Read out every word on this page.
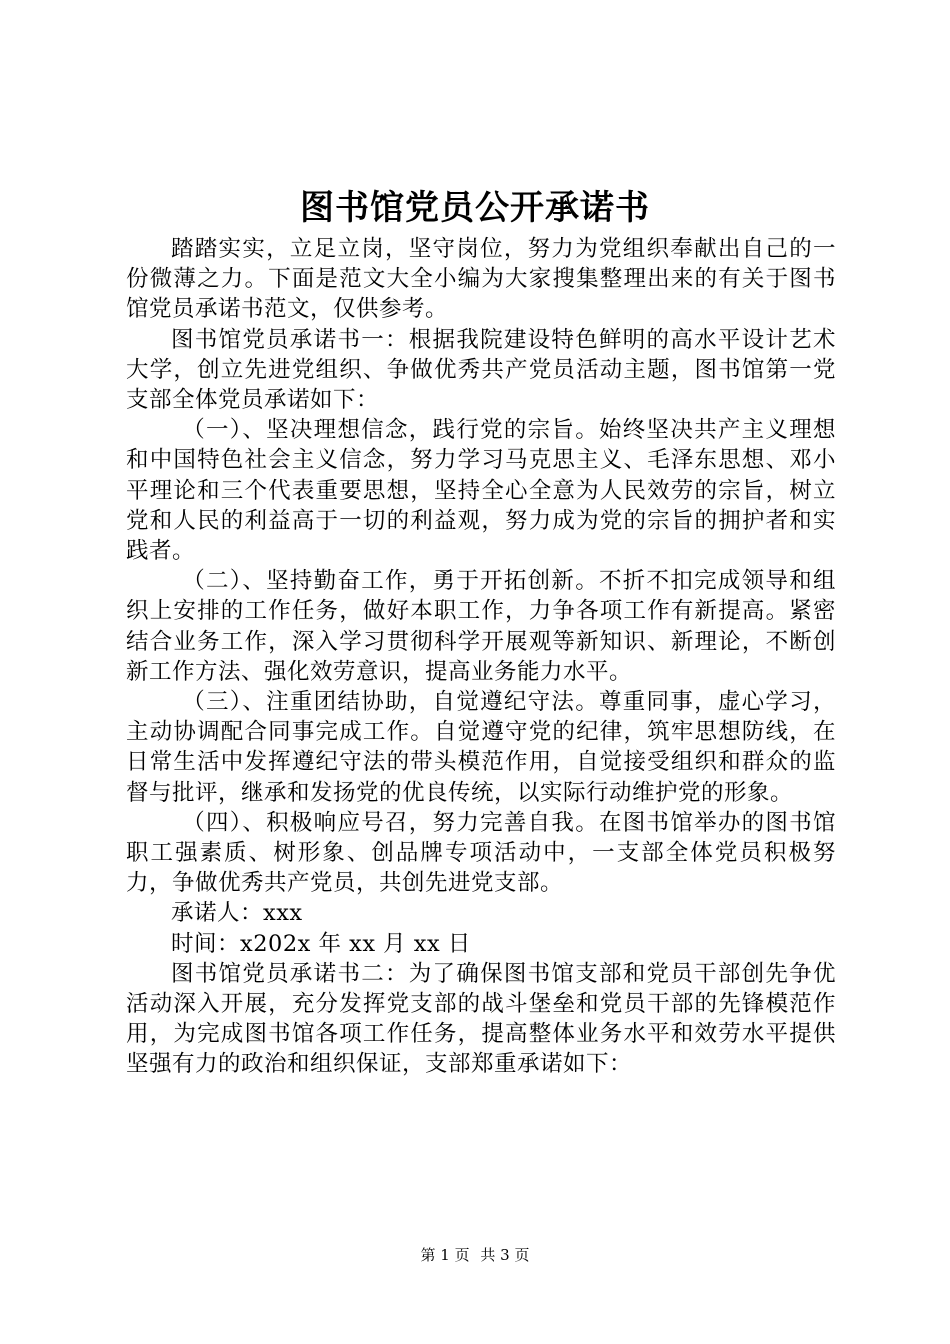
图书馆党员公开承诺书

踏踏实实，立足立岗，坚守岗位，努力为党组织奉献出自己的一份微薄之力。下面是范文大全小编为大家搜集整理出来的有关于图书馆党员承诺书范文，仅供参考。

图书馆党员承诺书一：根据我院建设特色鲜明的高水平设计艺术大学，创立先进党组织、争做优秀共产党员活动主题，图书馆第一党支部全体党员承诺如下：

（一）、坚决理想信念，践行党的宗旨。始终坚决共产主义理想和中国特色社会主义信念，努力学习马克思主义、毛泽东思想、邓小平理论和三个代表重要思想，坚持全心全意为人民效劳的宗旨，树立党和人民的利益高于一切的利益观，努力成为党的宗旨的拥护者和实践者。

（二）、坚持勤奋工作，勇于开拓创新。不折不扣完成领导和组织上安排的工作任务，做好本职工作，力争各项工作有新提高。紧密结合业务工作，深入学习贯彻科学开展观等新知识、新理论，不断创新工作方法、强化效劳意识，提高业务能力水平。

（三）、注重团结协助，自觉遵纪守法。尊重同事，虚心学习，主动协调配合同事完成工作。自觉遵守党的纪律，筑牢思想防线，在日常生活中发挥遵纪守法的带头模范作用，自觉接受组织和群众的监督与批评，继承和发扬党的优良传统，以实际行动维护党的形象。

（四）、积极响应号召，努力完善自我。在图书馆举办的图书馆职工强素质、树形象、创品牌专项活动中，一支部全体党员积极努力，争做优秀共产党员，共创先进党支部。

承诺人：xxx

时间：x202x 年 xx 月 xx 日

图书馆党员承诺书二：为了确保图书馆支部和党员干部创先争优活动深入开展，充分发挥党支部的战斗堡垒和党员干部的先锋模范作用，为完成图书馆各项工作任务，提高整体业务水平和效劳水平提供坚强有力的政治和组织保证，支部郑重承诺如下：

第 1 页 共 3 页
